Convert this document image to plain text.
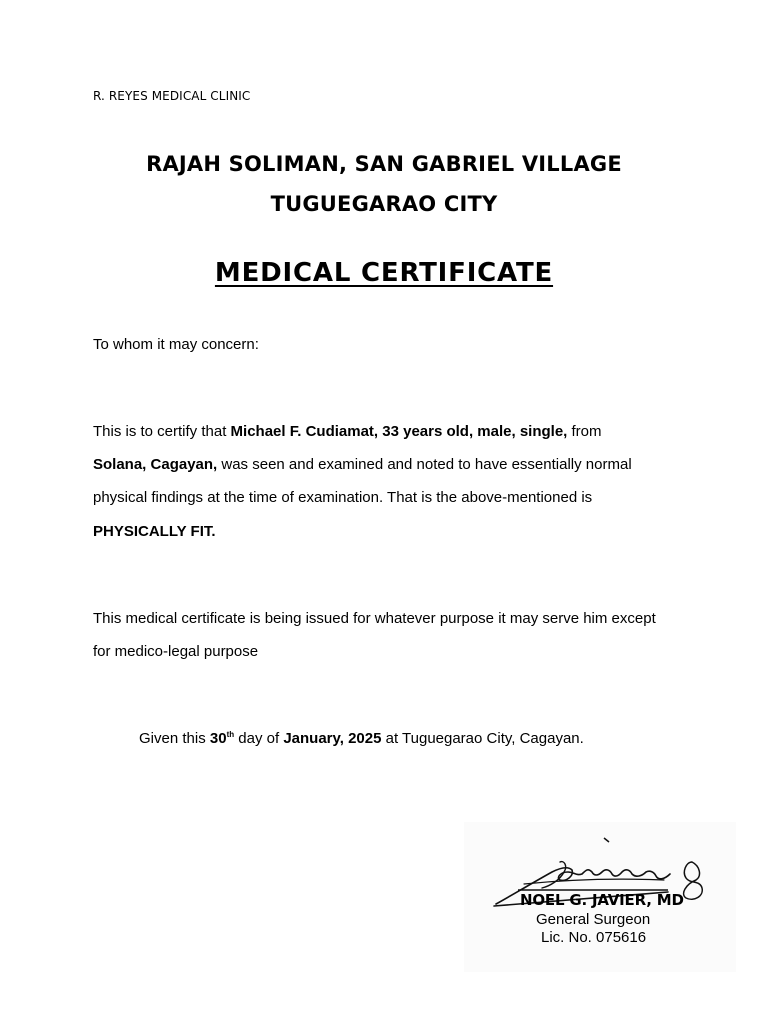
R. REYES MEDICAL CLINIC
RAJAH SOLIMAN, SAN GABRIEL VILLAGE
TUGUEGARAO CITY
MEDICAL CERTIFICATE
To whom it may concern:
This is to certify that Michael F. Cudiamat, 33 years old, male, single, from
Solana, Cagayan, was seen and examined and noted to have essentially normal
physical findings at the time of examination. That is the above-mentioned is
PHYSICALLY FIT.
This medical certificate is being issued for whatever purpose it may serve him except
for medico-legal purpose
Given this 30th day of January, 2025 at Tuguegarao City, Cagayan.
NOEL G. JAVIER, MD
General Surgeon
Lic. No. 075616
